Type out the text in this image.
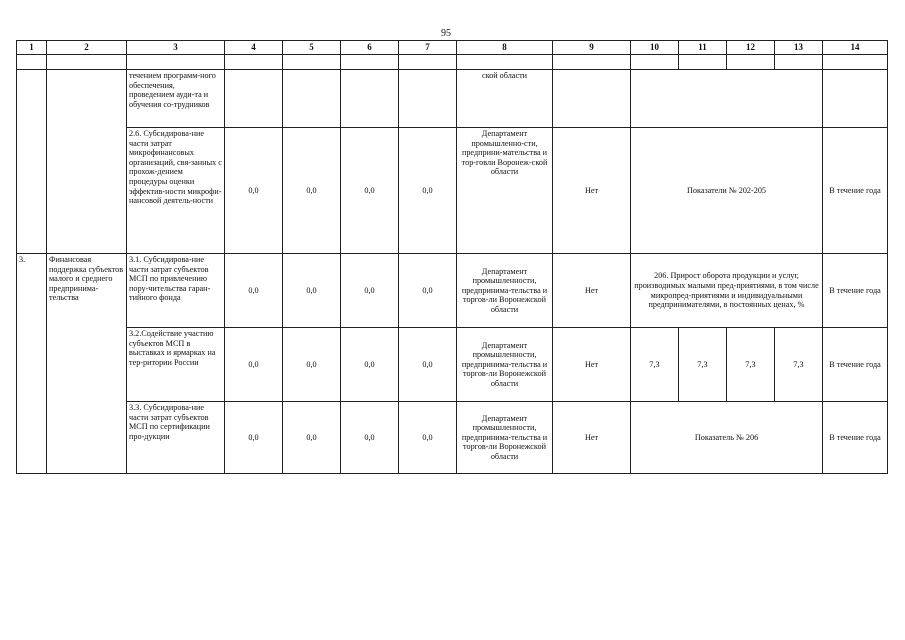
95
1	2	3	4	5	6	7	8	9	10	11	12	13	14

		течением программ-ного обеспечения, проведением ауди-та и обучения со-трудников					ской области						
		2.6. Субсидирова-ние части затрат микрофинансовых организаций, свя-занных с прохож-дением процедуры оценки эффектив-ности микрофи-нансовой деятель-ности	0,0	0,0	0,0	0,0	Департамент промышленно-сти, предприни-мательства и тор-говли Воронеж-ской области	Нет	Показатели № 202-205				В течение года
3.	Финансовая поддержка субъектов малого и среднего предпринима-тельства	3.1. Субсидирова-ние части затрат субъектов МСП по привлечению пору-чительства гаран-тийного фонда	0,0	0,0	0,0	0,0	Департамент промышленности, предпринима-тельства и торгов-ли Воронежской области	Нет	206. Прирост оборота продукции и услуг, производимых малыми пред-приятиями, в том числе микропред-приятиями и индивидуальными предпринимателями, в постоянных ценах, %				В течение года
		3.2.Содействие участию субъектов МСП в выставках и ярмарках на тер-ритории России	0,0	0,0	0,0	0,0	Департамент промышленности, предпринима-тельства и торгов-ли Воронежской области	Нет	7,3	7,3	7,3	7,3	В течение года
		3.3. Субсидирова-ние части затрат субъектов МСП по сертификации про-дукции	0,0	0,0	0,0	0,0	Департамент промышленности, предпринима-тельства и торгов-ли Воронежской области	Нет	Показатель № 206				В течение года
